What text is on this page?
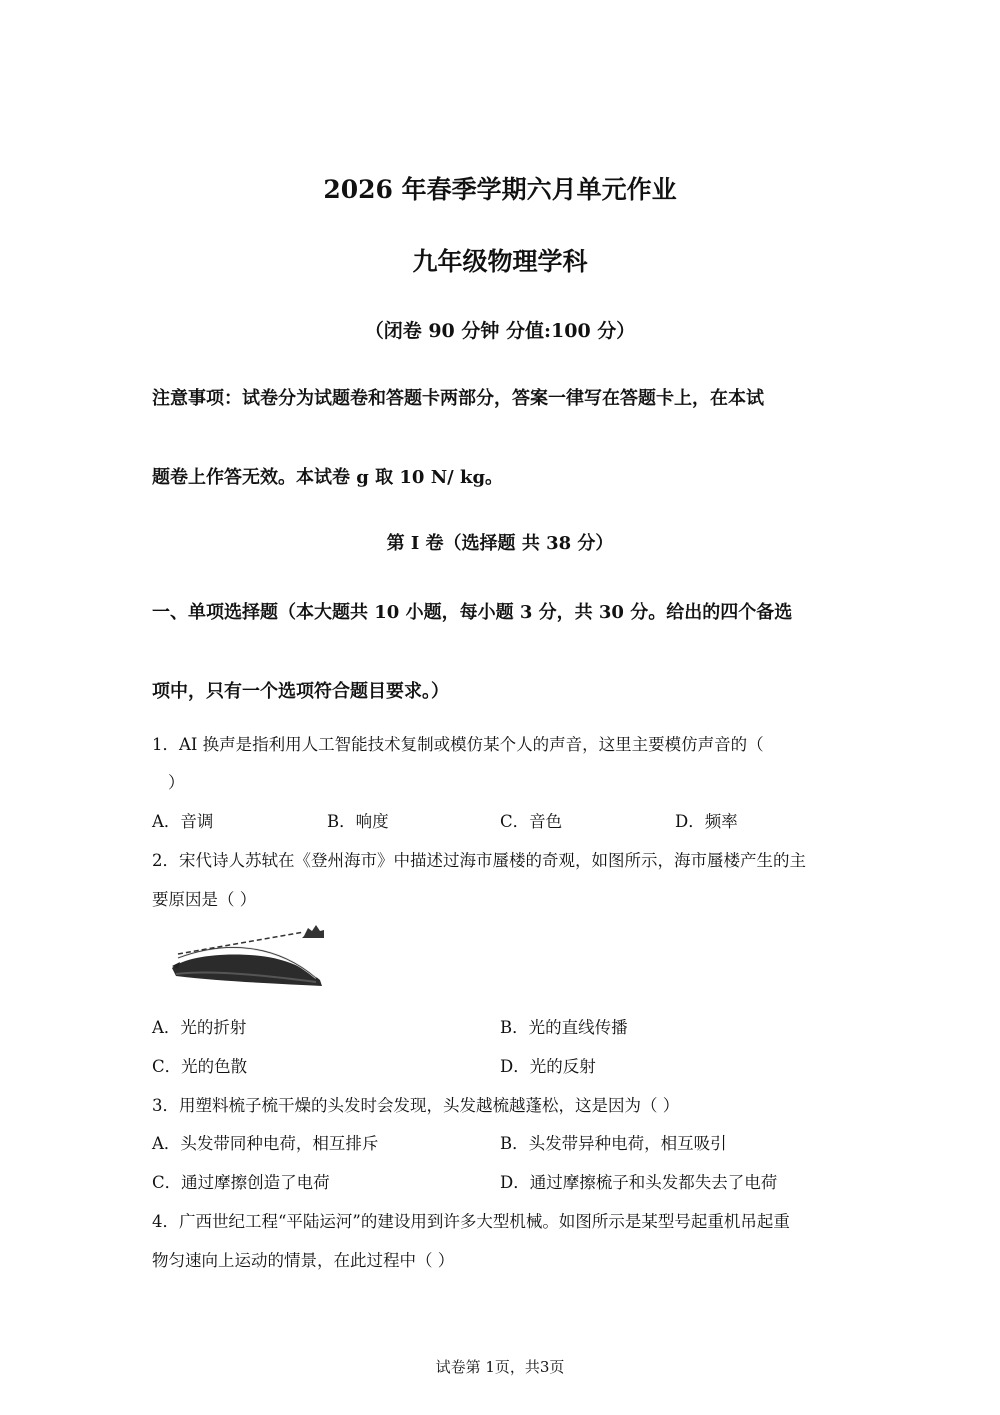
2026 年春季学期六月单元作业
九年级物理学科
（闭卷 90 分钟 分值:100 分）
注意事项：试卷分为试题卷和答题卡两部分，答案一律写在答题卡上，在本试
题卷上作答无效。本试卷 g 取 10 N/ kg。
第 Ⅰ 卷（选择题 共 38 分）
一、单项选择题（本大题共 10 小题，每小题 3 分，共 30 分。给出的四个备选
项中，只有一个选项符合题目要求。）
1．AI 换声是指利用人工智能技术复制或模仿某个人的声音，这里主要模仿声音的（
）
A．音调	B．响度	C．音色	D．频率
2．宋代诗人苏轼在《登州海市》中描述过海市蜃楼的奇观，如图所示，海市蜃楼产生的主
要原因是（ ）
A．光的折射	B．光的直线传播
C．光的色散	D．光的反射
3．用塑料梳子梳干燥的头发时会发现，头发越梳越蓬松，这是因为（ ）
A．头发带同种电荷，相互排斥	B．头发带异种电荷，相互吸引
C．通过摩擦创造了电荷	D．通过摩擦梳子和头发都失去了电荷
4．广西世纪工程“平陆运河”的建设用到许多大型机械。如图所示是某型号起重机吊起重
物匀速向上运动的情景，在此过程中（ ）
试卷第 1页，共3页
